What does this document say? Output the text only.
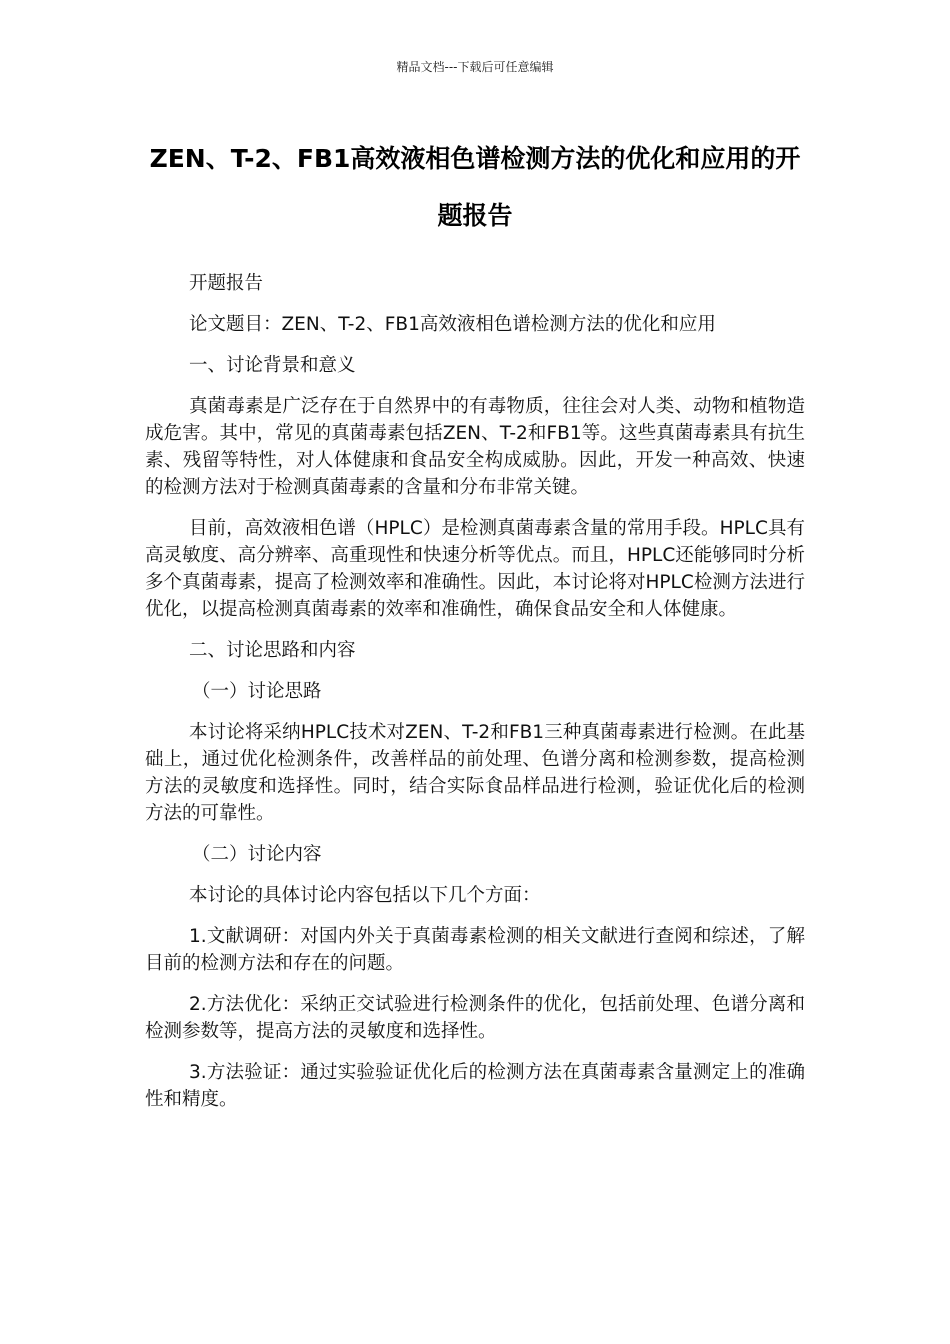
精品文档---下载后可任意编辑
ZEN、T-2、FB1高效液相色谱检测方法的优化和应用的开题报告

开题报告

论文题目：ZEN、T-2、FB1高效液相色谱检测方法的优化和应用

一、讨论背景和意义

真菌毒素是广泛存在于自然界中的有毒物质，往往会对人类、动物和植物造成危害。其中，常见的真菌毒素包括ZEN、T-2和FB1等。这些真菌毒素具有抗生素、残留等特性，对人体健康和食品安全构成威胁。因此，开发一种高效、快速的检测方法对于检测真菌毒素的含量和分布非常关键。

目前，高效液相色谱（HPLC）是检测真菌毒素含量的常用手段。HPLC具有高灵敏度、高分辨率、高重现性和快速分析等优点。而且，HPLC还能够同时分析多个真菌毒素，提高了检测效率和准确性。因此，本讨论将对HPLC检测方法进行优化，以提高检测真菌毒素的效率和准确性，确保食品安全和人体健康。

二、讨论思路和内容

（一）讨论思路

本讨论将采纳HPLC技术对ZEN、T-2和FB1三种真菌毒素进行检测。在此基础上，通过优化检测条件，改善样品的前处理、色谱分离和检测参数，提高检测方法的灵敏度和选择性。同时，结合实际食品样品进行检测，验证优化后的检测方法的可靠性。

（二）讨论内容

本讨论的具体讨论内容包括以下几个方面：

1.文献调研：对国内外关于真菌毒素检测的相关文献进行查阅和综述，了解目前的检测方法和存在的问题。

2.方法优化：采纳正交试验进行检测条件的优化，包括前处理、色谱分离和检测参数等，提高方法的灵敏度和选择性。

3.方法验证：通过实验验证优化后的检测方法在真菌毒素含量测定上的准确性和精度。
